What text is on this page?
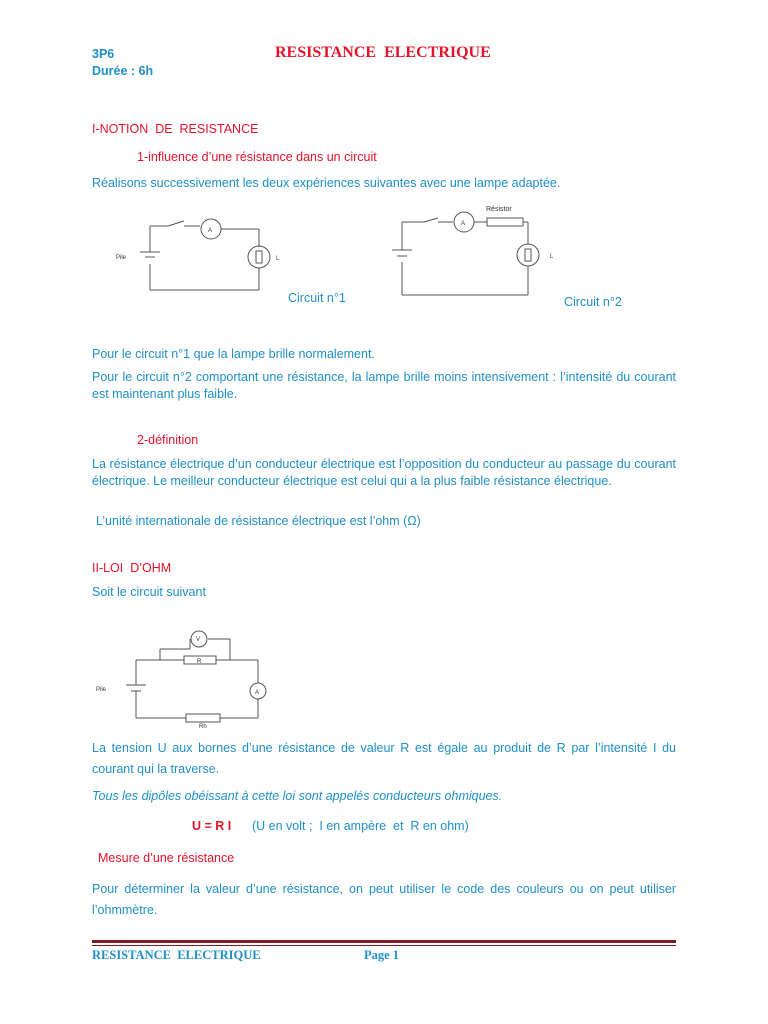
3P6
Durée : 6h
RESISTANCE  ELECTRIQUE
I-NOTION  DE  RESISTANCE
1-influence d’une résistance dans un circuit
Réalisons successivement les deux expériences suivantes avec une lampe adaptée.
Pile
A
L
Circuit n°1
Résistor
A
L
Circuit n°2
Pour le circuit n°1 que la lampe brille normalement.
Pour le circuit n°2 comportant une résistance, la lampe brille moins intensivement : l’intensité du courant est maintenant plus faible.
2-définition
La résistance électrique d’un conducteur électrique est l’opposition du conducteur au passage du courant électrique. Le meilleur conducteur électrique est celui qui a la plus faible résistance électrique.
L’unité internationale de résistance électrique est l’ohm (Ω)
II-LOI  D’OHM
Soit le circuit suivant
V
R
A
Pile
Rh
La tension U aux bornes d’une résistance de valeur R est égale au produit de R par l’intensité I du courant qui la traverse.
Tous les dipôles obéissant à cette loi sont appelés conducteurs ohmiques.
U = R I (U en volt ;  I en ampère  et  R en ohm)
Mesure d’une résistance
Pour déterminer la valeur d’une résistance, on peut utiliser le code des couleurs ou on peut utiliser l’ohmmètre.
RESISTANCE  ELECTRIQUE	Page 1
